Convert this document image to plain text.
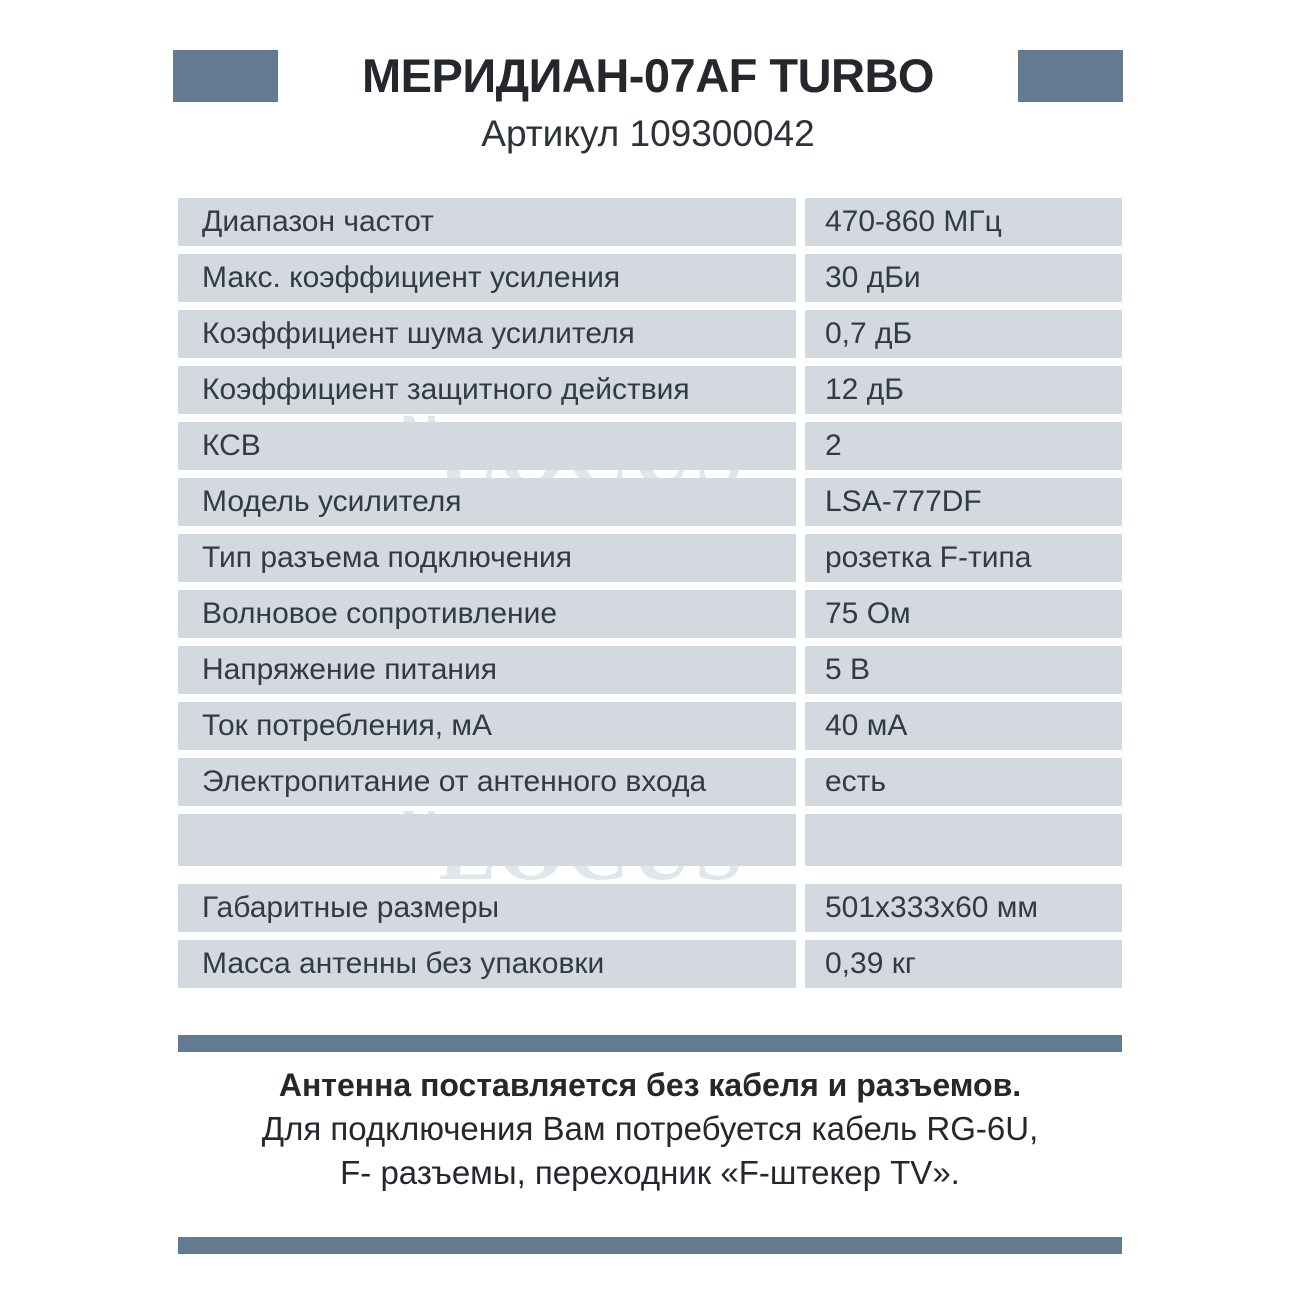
МЕРИДИАН-07AF TURBO
Артикул 109300042
Диапазон частот	470-860 МГц
Макс. коэффициент усиления	30 дБи
Коэффициент шума усилителя	0,7 дБ
Коэффициент защитного действия	12 дБ
КСВ	2
Модель усилителя	LSA-777DF
Тип разъема подключения	розетка F-типа
Волновое сопротивление	75 Ом
Напряжение питания	5 В
Ток потребления, мА	40 мА
Электропитание от антенного входа	есть
Габаритные размеры	501х333х60 мм
Масса антенны без упаковки	0,39 кг
Антенна поставляется без кабеля и разъемов.
Для подключения Вам потребуется кабель RG-6U,
F- разъемы, переходник «F-штекер TV».
